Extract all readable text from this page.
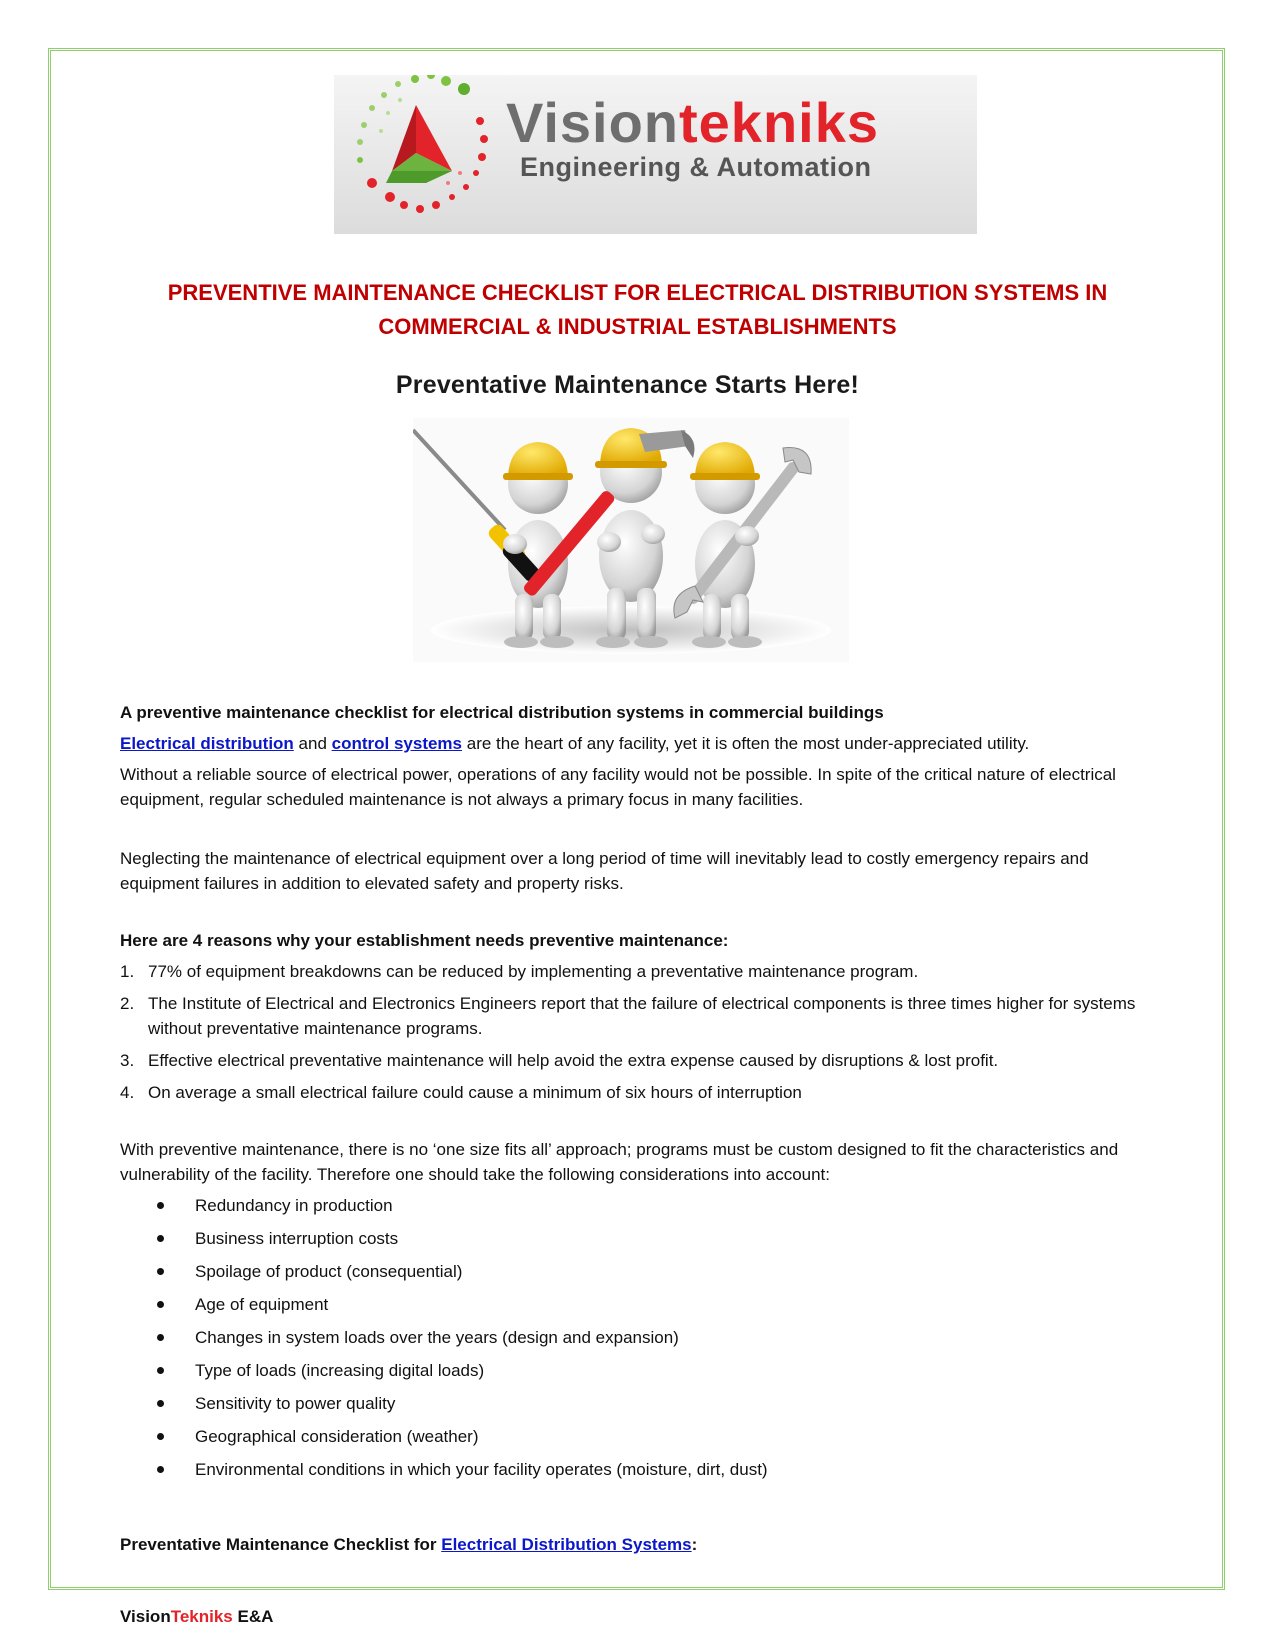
Visiontekniks
Engineering & Automation
PREVENTIVE MAINTENANCE CHECKLIST FOR ELECTRICAL DISTRIBUTION SYSTEMS IN
COMMERCIAL & INDUSTRIAL ESTABLISHMENTS
Preventative Maintenance Starts Here!

A preventive maintenance checklist for electrical distribution systems in commercial buildings

Electrical distribution and control systems are the heart of any facility, yet it is often the most under-appreciated utility.

Without a reliable source of electrical power, operations of any facility would not be possible. In spite of the critical nature of electrical equipment, regular scheduled maintenance is not always a primary focus in many facilities.

Neglecting the maintenance of electrical equipment over a long period of time will inevitably lead to costly emergency repairs and equipment failures in addition to elevated safety and property risks.

Here are 4 reasons why your establishment needs preventive maintenance:

1. 77% of equipment breakdowns can be reduced by implementing a preventative maintenance program.
2. The Institute of Electrical and Electronics Engineers report that the failure of electrical components is three times higher for systems without preventative maintenance programs.
3. Effective electrical preventative maintenance will help avoid the extra expense caused by disruptions & lost profit.
4. On average a small electrical failure could cause a minimum of six hours of interruption

With preventive maintenance, there is no ‘one size fits all’ approach; programs must be custom designed to fit the characteristics and vulnerability of the facility. Therefore one should take the following considerations into account:

Redundancy in production
Business interruption costs
Spoilage of product (consequential)
Age of equipment
Changes in system loads over the years (design and expansion)
Type of loads (increasing digital loads)
Sensitivity to power quality
Geographical consideration (weather)
Environmental conditions in which your facility operates (moisture, dirt, dust)

Preventative Maintenance Checklist for Electrical Distribution Systems:

VisionTekniks E&A
